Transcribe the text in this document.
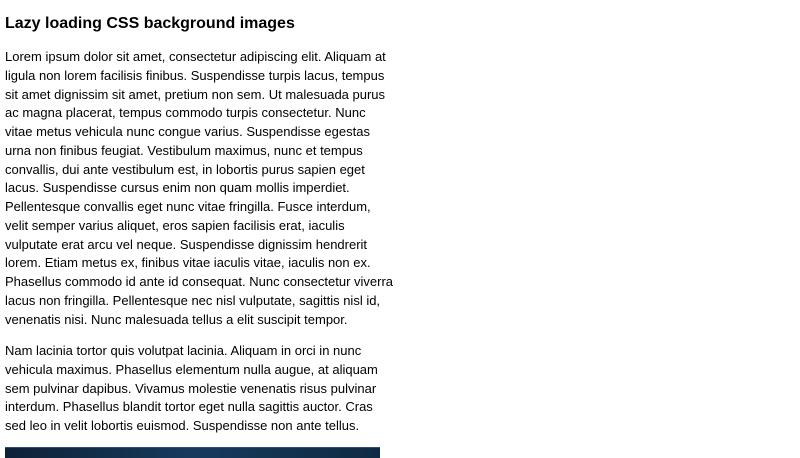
Lazy loading CSS background images
Lorem ipsum dolor sit amet, consectetur adipiscing elit. Aliquam at
ligula non lorem facilisis finibus. Suspendisse turpis lacus, tempus
sit amet dignissim sit amet, pretium non sem. Ut malesuada purus
ac magna placerat, tempus commodo turpis consectetur. Nunc
vitae metus vehicula nunc congue varius. Suspendisse egestas
urna non finibus feugiat. Vestibulum maximus, nunc et tempus
convallis, dui ante vestibulum est, in lobortis purus sapien eget
lacus. Suspendisse cursus enim non quam mollis imperdiet.
Pellentesque convallis eget nunc vitae fringilla. Fusce interdum,
velit semper varius aliquet, eros sapien facilisis erat, iaculis
vulputate erat arcu vel neque. Suspendisse dignissim hendrerit
lorem. Etiam metus ex, finibus vitae iaculis vitae, iaculis non ex.
Phasellus commodo id ante id consequat. Nunc consectetur viverra
lacus non fringilla. Pellentesque nec nisl vulputate, sagittis nisl id,
venenatis nisi. Nunc malesuada tellus a elit suscipit tempor.
Nam lacinia tortor quis volutpat lacinia. Aliquam in orci in nunc
vehicula maximus. Phasellus elementum nulla augue, at aliquam
sem pulvinar dapibus. Vivamus molestie venenatis risus pulvinar
interdum. Phasellus blandit tortor eget nulla sagittis auctor. Cras
sed leo in velit lobortis euismod. Suspendisse non ante tellus.
